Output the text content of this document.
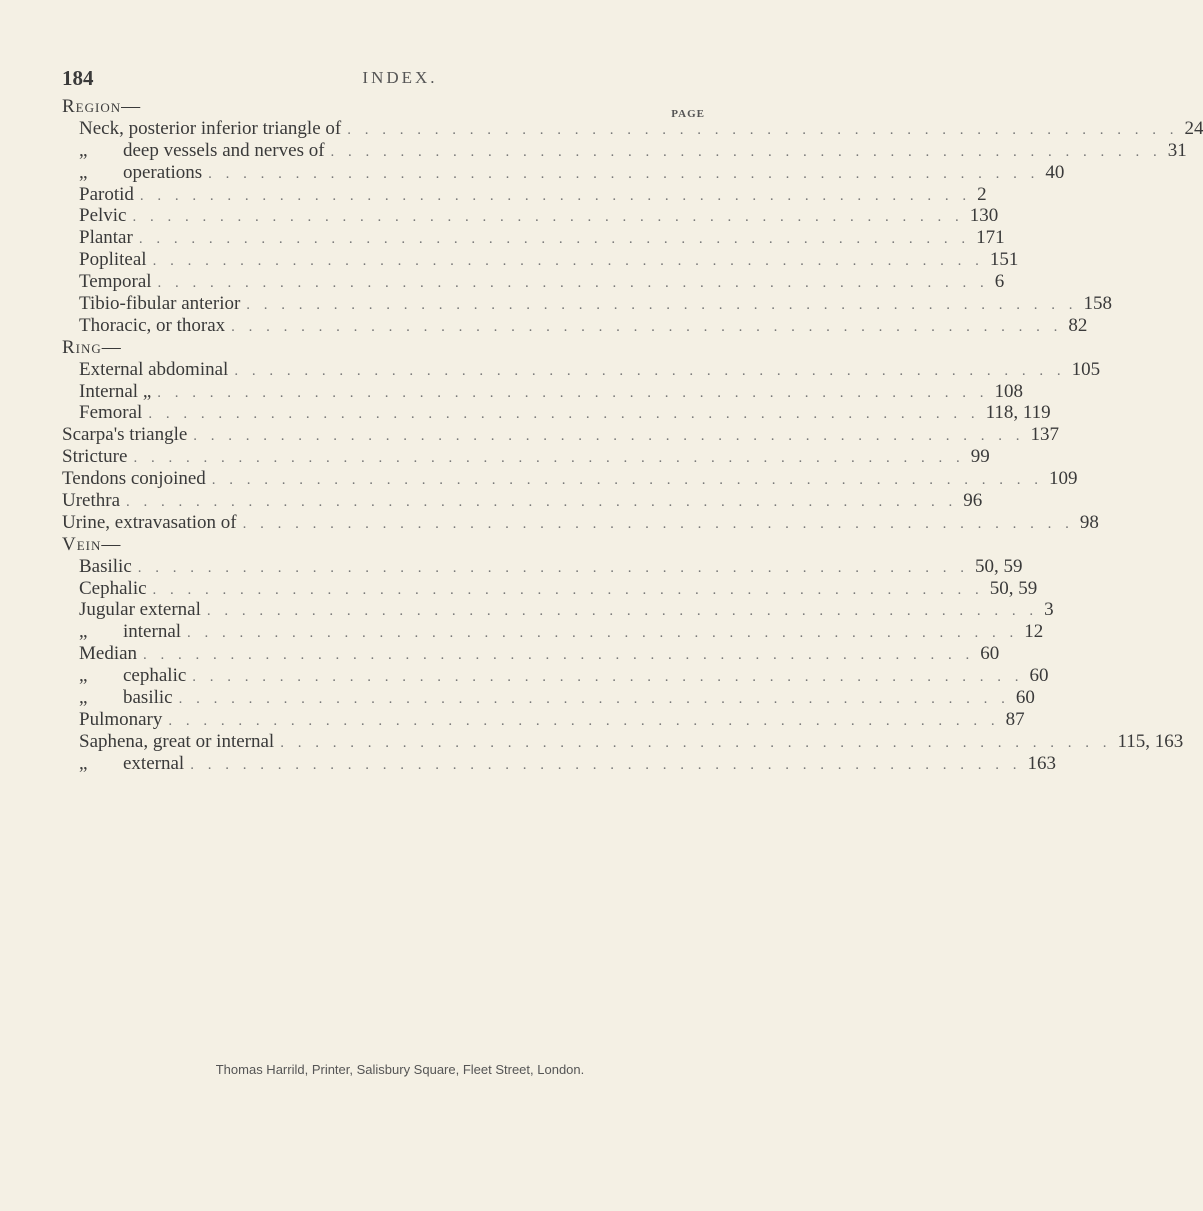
184	INDEX.
PAGE
Region—
Neck, posterior inferior triangle of . . . . . . . . . . . . . . . . . . . . . . . . . . . . . . . . . . . . . . . . . . . . . . . . 24
„ deep vessels and nerves of . . . . . . . . . . . . . . . . . . . . . . . . . . . . . . . . . . . . . . . . . . . . . . . . 31
„ operations . . . . . . . . . . . . . . . . . . . . . . . . . . . . . . . . . . . . . . . . . . . . . . . . 40
Parotid . . . . . . . . . . . . . . . . . . . . . . . . . . . . . . . . . . . . . . . . . . . . . . . . 2
Pelvic . . . . . . . . . . . . . . . . . . . . . . . . . . . . . . . . . . . . . . . . . . . . . . . . 130
Plantar . . . . . . . . . . . . . . . . . . . . . . . . . . . . . . . . . . . . . . . . . . . . . . . . 171
Popliteal . . . . . . . . . . . . . . . . . . . . . . . . . . . . . . . . . . . . . . . . . . . . . . . . 151
Temporal . . . . . . . . . . . . . . . . . . . . . . . . . . . . . . . . . . . . . . . . . . . . . . . . 6
Tibio-fibular anterior . . . . . . . . . . . . . . . . . . . . . . . . . . . . . . . . . . . . . . . . . . . . . . . . 158
Thoracic, or thorax . . . . . . . . . . . . . . . . . . . . . . . . . . . . . . . . . . . . . . . . . . . . . . . . 82
Ring—
External abdominal . . . . . . . . . . . . . . . . . . . . . . . . . . . . . . . . . . . . . . . . . . . . . . . . 105
Internal „ . . . . . . . . . . . . . . . . . . . . . . . . . . . . . . . . . . . . . . . . . . . . . . . . 108
Femoral . . . . . . . . . . . . . . . . . . . . . . . . . . . . . . . . . . . . . . . . . . . . . . . . 118, 119
Scarpa's triangle . . . . . . . . . . . . . . . . . . . . . . . . . . . . . . . . . . . . . . . . . . . . . . . . 137
Stricture . . . . . . . . . . . . . . . . . . . . . . . . . . . . . . . . . . . . . . . . . . . . . . . . 99
Tendons conjoined . . . . . . . . . . . . . . . . . . . . . . . . . . . . . . . . . . . . . . . . . . . . . . . . 109
Urethra . . . . . . . . . . . . . . . . . . . . . . . . . . . . . . . . . . . . . . . . . . . . . . . . 96
Urine, extravasation of . . . . . . . . . . . . . . . . . . . . . . . . . . . . . . . . . . . . . . . . . . . . . . . . 98
Vein—
Basilic . . . . . . . . . . . . . . . . . . . . . . . . . . . . . . . . . . . . . . . . . . . . . . . . 50, 59
Cephalic . . . . . . . . . . . . . . . . . . . . . . . . . . . . . . . . . . . . . . . . . . . . . . . . 50, 59
Jugular external . . . . . . . . . . . . . . . . . . . . . . . . . . . . . . . . . . . . . . . . . . . . . . . . 3
„ internal . . . . . . . . . . . . . . . . . . . . . . . . . . . . . . . . . . . . . . . . . . . . . . . . 12
Median . . . . . . . . . . . . . . . . . . . . . . . . . . . . . . . . . . . . . . . . . . . . . . . . 60
„ cephalic . . . . . . . . . . . . . . . . . . . . . . . . . . . . . . . . . . . . . . . . . . . . . . . . 60
„ basilic . . . . . . . . . . . . . . . . . . . . . . . . . . . . . . . . . . . . . . . . . . . . . . . . 60
Pulmonary . . . . . . . . . . . . . . . . . . . . . . . . . . . . . . . . . . . . . . . . . . . . . . . . 87
Saphena, great or internal . . . . . . . . . . . . . . . . . . . . . . . . . . . . . . . . . . . . . . . . . . . . . . . . 115, 163
„ external . . . . . . . . . . . . . . . . . . . . . . . . . . . . . . . . . . . . . . . . . . . . . . . . 163
Thomas Harrild, Printer, Salisbury Square, Fleet Street, London.
